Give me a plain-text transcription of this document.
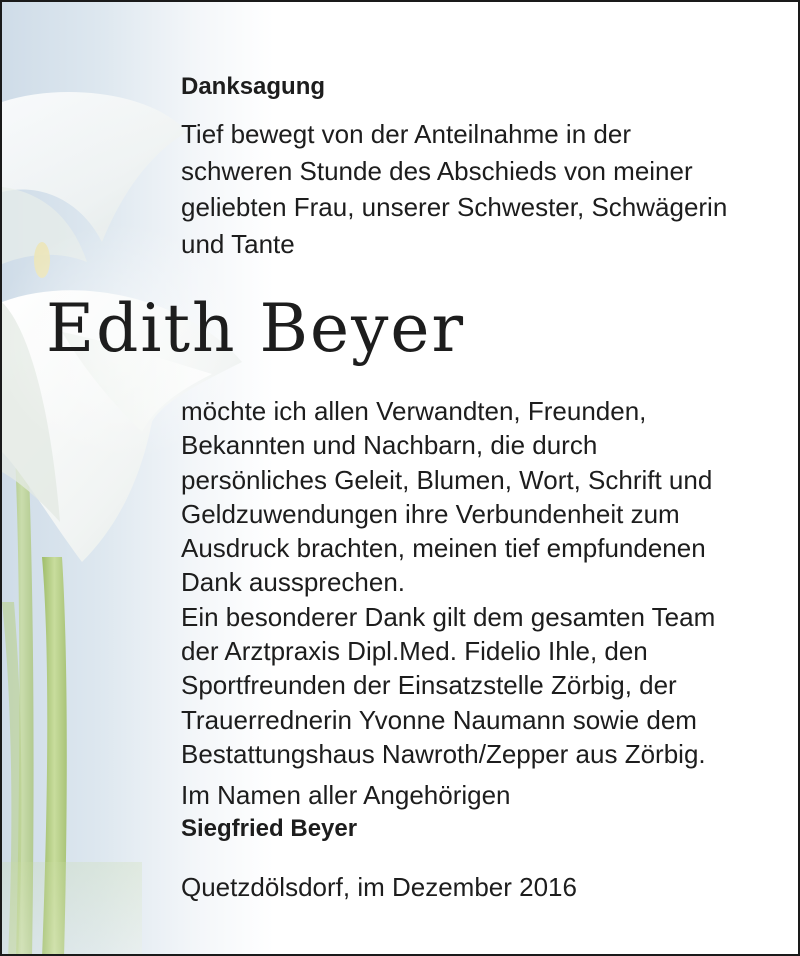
Danksagung
Tief bewegt von der Anteilnahme in der
schweren Stunde des Abschieds von meiner
geliebten Frau, unserer Schwester, Schwägerin
und Tante
Edith Beyer
möchte ich allen Verwandten, Freunden,
Bekannten und Nachbarn, die durch
persönliches Geleit, Blumen, Wort, Schrift und
Geldzuwendungen ihre Verbundenheit zum
Ausdruck brachten, meinen tief empfundenen
Dank aussprechen.
Ein besonderer Dank gilt dem gesamten Team
der Arztpraxis Dipl.Med. Fidelio Ihle, den
Sportfreunden der Einsatzstelle Zörbig, der
Trauerrednerin Yvonne Naumann sowie dem
Bestattungshaus Nawroth/Zepper aus Zörbig.
Im Namen aller Angehörigen
Siegfried Beyer
Quetzdölsdorf, im Dezember 2016
